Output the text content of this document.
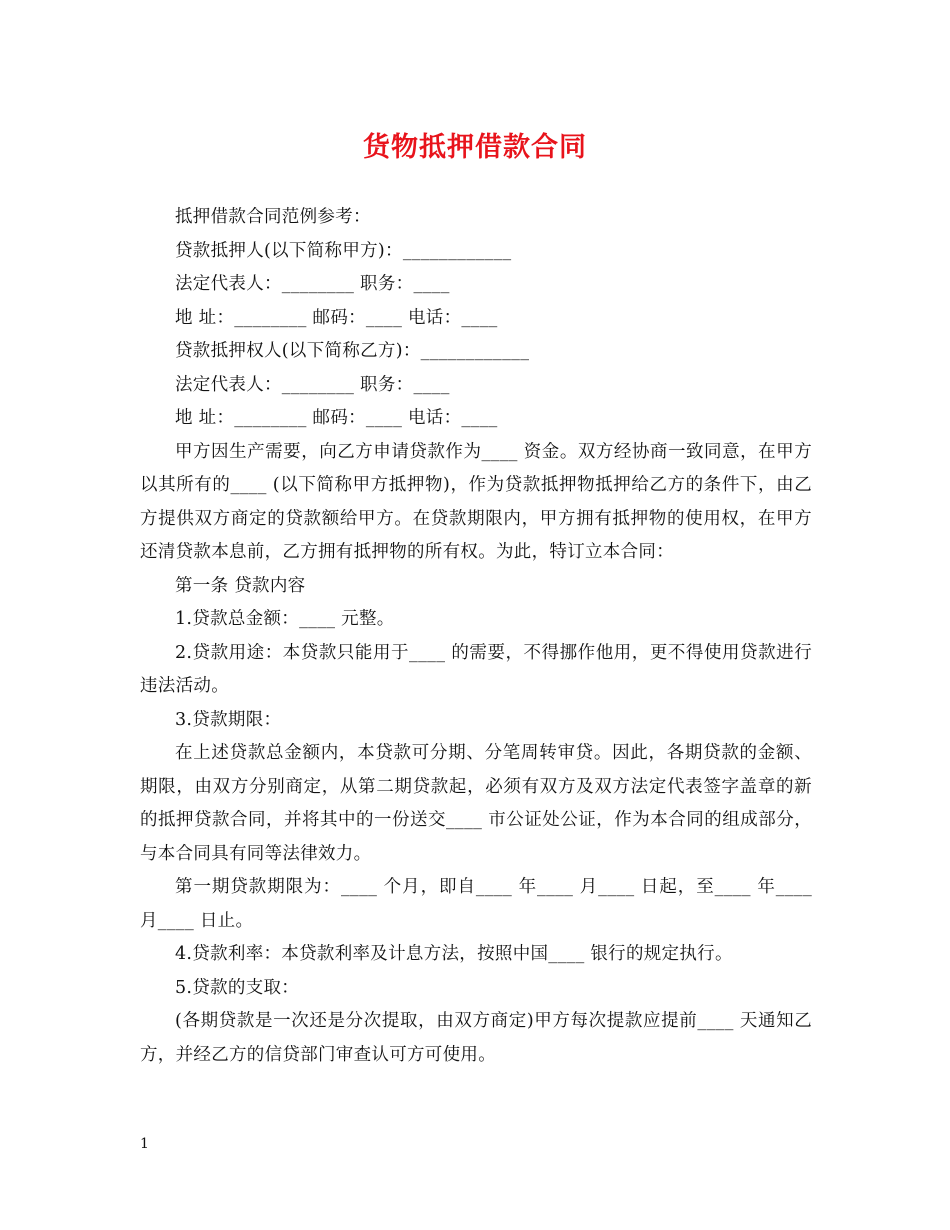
货物抵押借款合同

抵押借款合同范例参考：

贷款抵押人(以下简称甲方)：____________

法定代表人：________ 职务：____

地 址：________ 邮码：____ 电话：____

贷款抵押权人(以下简称乙方)：____________

法定代表人：________ 职务：____

地 址：________ 邮码：____ 电话：____

甲方因生产需要，向乙方申请贷款作为____ 资金。双方经协商一致同意，在甲方以其所有的____ (以下简称甲方抵押物)，作为贷款抵押物抵押给乙方的条件下，由乙方提供双方商定的贷款额给甲方。在贷款期限内，甲方拥有抵押物的使用权，在甲方还清贷款本息前，乙方拥有抵押物的所有权。为此，特订立本合同：

第一条 贷款内容

1.贷款总金额：____ 元整。

2.贷款用途：本贷款只能用于____ 的需要，不得挪作他用，更不得使用贷款进行违法活动。

3.贷款期限：

在上述贷款总金额内，本贷款可分期、分笔周转审贷。因此，各期贷款的金额、期限，由双方分别商定，从第二期贷款起，必须有双方及双方法定代表签字盖章的新的抵押贷款合同，并将其中的一份送交____ 市公证处公证，作为本合同的组成部分，与本合同具有同等法律效力。

第一期贷款期限为：____ 个月，即自____ 年____ 月____ 日起，至____ 年____ 月____ 日止。

4.贷款利率：本贷款利率及计息方法，按照中国____ 银行的规定执行。

5.贷款的支取：

(各期贷款是一次还是分次提取，由双方商定)甲方每次提款应提前____ 天通知乙方，并经乙方的信贷部门审查认可方可使用。

1
